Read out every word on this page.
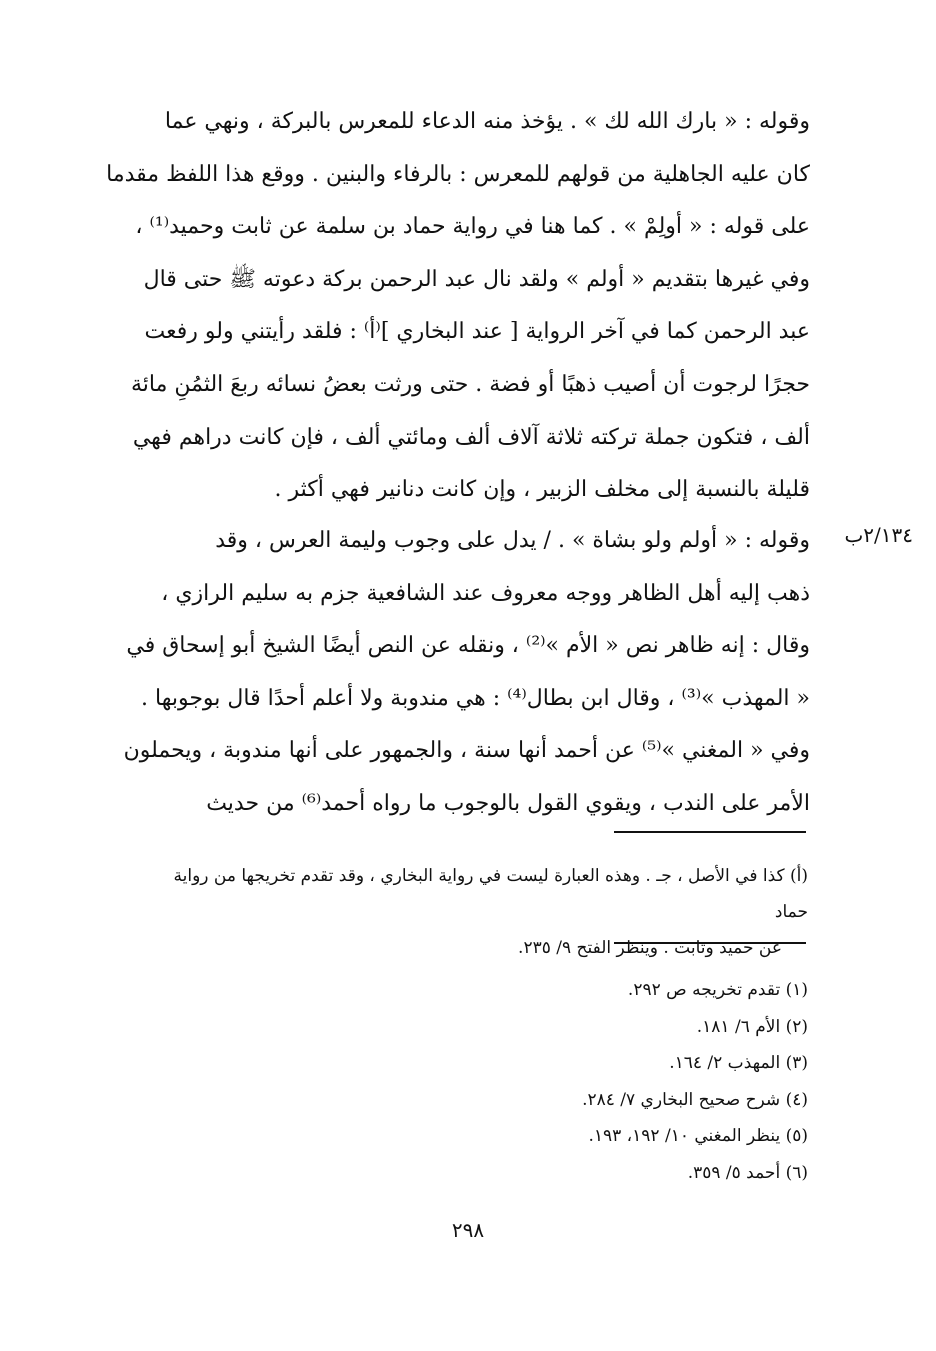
وقوله : « بارك الله لك » . يؤخذ منه الدعاء للمعرس بالبركة ، ونهي عما
كان عليه الجاهلية من قولهم للمعرس : بالرفاء والبنين . ووقع هذا اللفظ مقدما
على قوله : « أولِمْ » . كما هنا في رواية حماد بن سلمة عن ثابت وحميد⁽¹⁾ ،
وفي غيرها بتقديم « أولم » ولقد نال عبد الرحمن بركة دعوته ﷺ حتى قال
عبد الرحمن كما في آخر الرواية [ عند البخاري ]⁽أ⁾ : فلقد رأيتني ولو رفعت
حجرًا لرجوت أن أصيب ذهبًا أو فضة . حتى ورثت بعضُ نسائه ربعَ الثمُنِ مائة
ألف ، فتكون جملة تركته ثلاثة آلاف ألف ومائتي ألف ، فإن كانت دراهم فهي
قليلة بالنسبة إلى مخلف الزبير ، وإن كانت دنانير فهي أكثر .
٢/١٣٤ب
وقوله : « أولم ولو بشاة » . / يدل على وجوب وليمة العرس ، وقد
ذهب إليه أهل الظاهر ووجه معروف عند الشافعية جزم به سليم الرازي ،
وقال : إنه ظاهر نص « الأم »⁽²⁾ ، ونقله عن النص أيضًا الشيخ أبو إسحاق في
« المهذب »⁽³⁾ ، وقال ابن بطال⁽⁴⁾ : هي مندوبة ولا أعلم أحدًا قال بوجوبها .
وفي « المغني »⁽⁵⁾ عن أحمد أنها سنة ، والجمهور على أنها مندوبة ، ويحملون
الأمر على الندب ، ويقوي القول بالوجوب ما رواه أحمد⁽⁶⁾ من حديث
(أ) كذا في الأصل ، جـ . وهذه العبارة ليست في رواية البخاري ، وقد تقدم تخريجها من رواية حماد
عن حميد وثابت . وينظر الفتح ٩/ ٢٣٥.
(١) تقدم تخريجه ص ٢٩٢.
(٢) الأم ٦/ ١٨١.
(٣) المهذب ٢/ ١٦٤.
(٤) شرح صحيح البخاري ٧/ ٢٨٤.
(٥) ينظر المغني ١٠/ ١٩٢، ١٩٣.
(٦) أحمد ٥/ ٣٥٩.
٢٩٨
